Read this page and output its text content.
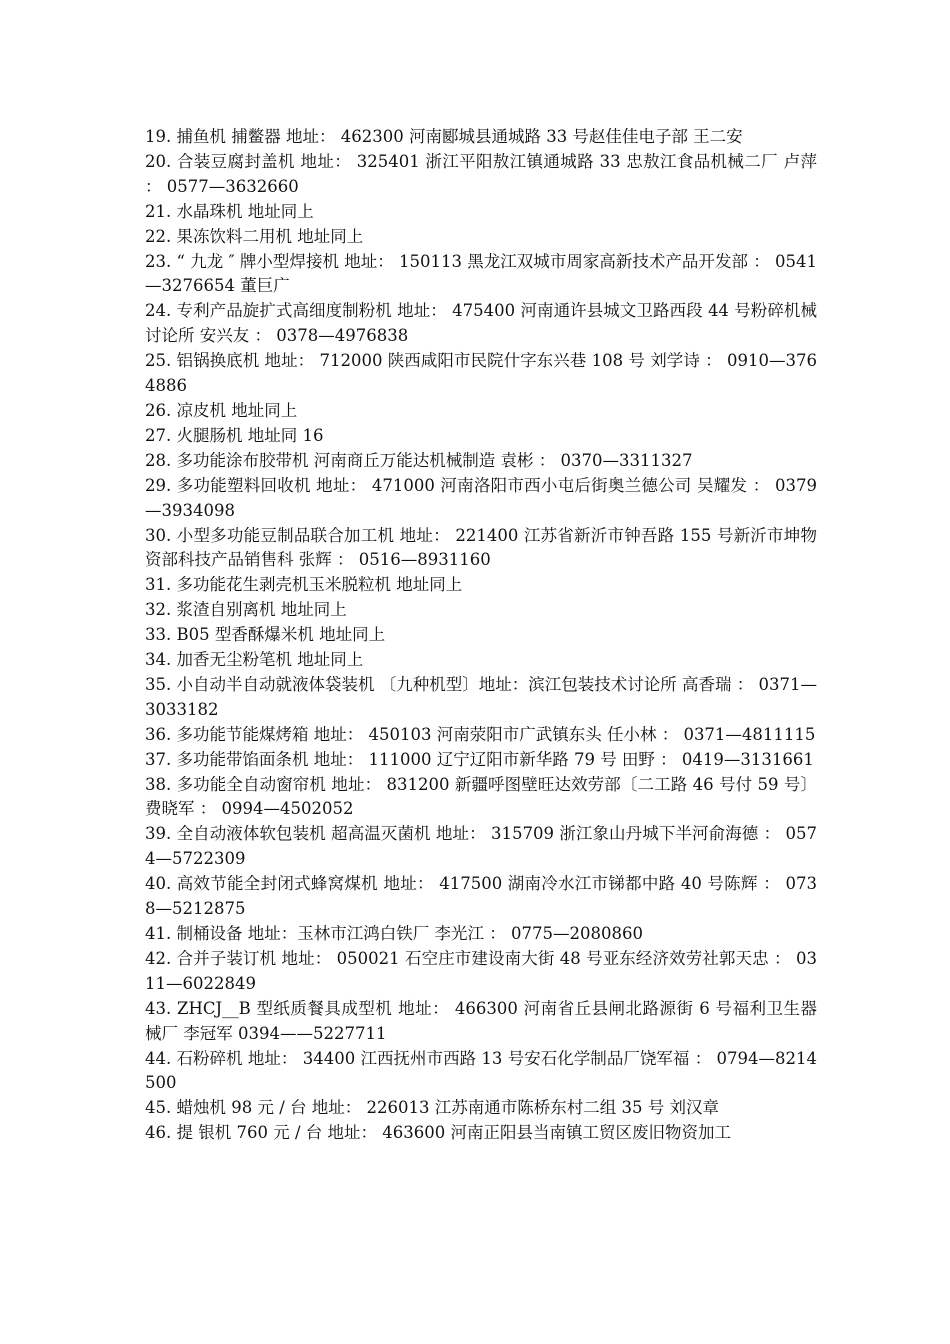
19. 捕鱼机 捕鳖器 地址： 462300 河南郾城县通城路 33 号赵佳佳电子部 王二安

20. 合装豆腐封盖机 地址： 325401 浙江平阳敖江镇通城路 33 忠敖江食品机械二厂 卢萍 ： 0577—3632660

21. 水晶珠机 地址同上

22. 果冻饮料二用机 地址同上

23. “ 九龙 ″ 牌小型焊接机 地址： 150113 黑龙江双城市周家高新技术产品开发部 ： 0541—3276654 董巨广

24. 专利产品旋扩式高细度制粉机 地址： 475400 河南通许县城文卫路西段 44 号粉碎机械讨论所 安兴友 ： 0378—4976838

25. 铝锅换底机 地址： 712000 陕西咸阳市民院什字东兴巷 108 号 刘学诗 ： 0910—3764886

26. 凉皮机 地址同上

27. 火腿肠机 地址同 16

28. 多功能涂布胶带机 河南商丘万能达机械制造 袁彬 ： 0370—3311327

29. 多功能塑料回收机 地址： 471000 河南洛阳市西小屯后街奥兰德公司 吴耀发 ： 0379—3934098

30. 小型多功能豆制品联合加工机 地址： 221400 江苏省新沂市钟吾路 155 号新沂市坤物资部科技产品销售科 张辉 ： 0516—8931160

31. 多功能花生剥壳机玉米脱粒机 地址同上

32. 浆渣自别离机 地址同上

33. B05 型香酥爆米机 地址同上

34. 加香无尘粉笔机 地址同上

35. 小自动半自动就液体袋装机 〔九种机型〕地址：滨江包装技术讨论所 高香瑞 ： 0371—3033182

36. 多功能节能煤烤箱 地址： 450103 河南荥阳市广武镇东头 任小林 ： 0371—4811115

37. 多功能带馅面条机 地址： 111000 辽宁辽阳市新华路 79 号 田野 ： 0419—3131661

38. 多功能全自动窗帘机 地址： 831200 新疆呼图壁旺达效劳部〔二工路 46 号付 59 号〕 费晓军 ： 0994—4502052

39. 全自动液体软包装机 超高温灭菌机 地址： 315709 浙江象山丹城下半河俞海德 ： 0574—5722309

40. 高效节能全封闭式蜂窝煤机 地址： 417500 湖南冷水江市锑都中路 40 号陈辉 ： 0738—5212875

41. 制桶设备 地址：玉林市江鸿白铁厂 李光江 ： 0775—2080860

42. 合并子装订机 地址： 050021 石空庄市建设南大街 48 号亚东经济效劳社郭天忠 ： 0311—6022849

43. ZHCJ__B 型纸质餐具成型机 地址： 466300 河南省丘县闸北路源街 6 号福利卫生器械厂 李冠军 0394——5227711

44. 石粉碎机 地址： 34400 江西抚州市西路 13 号安石化学制品厂饶军福 ： 0794—8214500

45. 蜡烛机 98 元 / 台 地址： 226013 江苏南通市陈桥东村二组 35 号 刘汉章

46. 提 银机 760 元 / 台 地址： 463600 河南正阳县当南镇工贸区废旧物资加工
